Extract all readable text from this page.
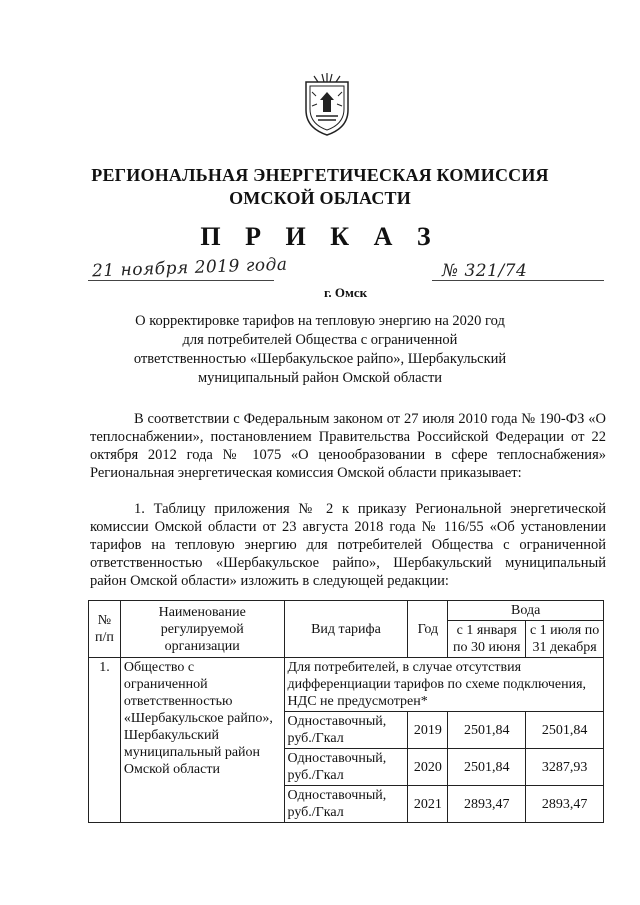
РЕГИОНАЛЬНАЯ ЭНЕРГЕТИЧЕСКАЯ КОМИССИЯ
ОМСКОЙ ОБЛАСТИ
П Р И К А З
21 ноября 2019 года
г. Омск
№ 321/74
О корректировке тарифов на тепловую энергию на 2020 год для потребителей Общества с ограниченной ответственностью «Шербакульское райпо», Шербакульский муниципальный район Омской области
В соответствии с Федеральным законом от 27 июля 2010 года № 190-ФЗ «О теплоснабжении», постановлением Правительства Российской Федерации от 22 октября 2012 года № 1075 «О ценообразовании в сфере теплоснабжения» Региональная энергетическая комиссия Омской области приказывает:
1. Таблицу приложения № 2 к приказу Региональной энергетической комиссии Омской области от 23 августа 2018 года № 116/55 «Об установлении тарифов на тепловую энергию для потребителей Общества с ограниченной ответственностью «Шербакульское райпо», Шербакульский муниципальный район Омской области» изложить в следующей редакции:
№ п/п	Наименование регулируемой организации	Вид тарифа	Год	Вода	
				с 1 января по 30 июня	с 1 июля по 31 декабря
1.	Общество с ограниченной ответственностью «Шербакульское райпо», Шербакульский муниципальный район Омской области	Для потребителей, в случае отсутствия дифференциации тарифов по схеме подключения, НДС не предусмотрен*			
		Одноставочный, руб./Гкал	2019	2501,84	2501,84
		Одноставочный, руб./Гкал	2020	2501,84	3287,93
		Одноставочный, руб./Гкал	2021	2893,47	2893,47
